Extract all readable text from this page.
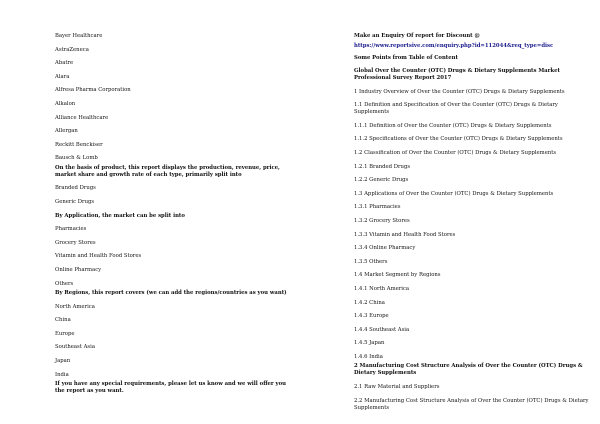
Bayer Healthcare
AstraZeneca
Abatre
Alara
Alfresa Pharma Corporation
Alkalon
Alliance Healthcare
Allergan
Reckitt Benckiser
Bausch & Lomb
On the basis of product, this report displays the production, revenue, price, market share and growth rate of each type, primarily split into
Branded Drugs
Generic Drugs
By Application, the market can be split into
Pharmacies
Grocery Stores
Vitamin and Health Food Stores
Online Pharmacy
Others
By Regions, this report covers (we can add the regions/countries as you want)
North America
China
Europe
Southeast Asia
Japan
India
If you have any special requirements, please let us know and we will offer you the report as you want.
Make an Enquiry Of report for Discount @
https://www.reportsive.com/enquiry.php?id=112044&req_type=disc
Some Points from Table of Content
Global Over the Counter (OTC) Drugs & Dietary Supplements Market Professional Survey Report 2017
1 Industry Overview of Over the Counter (OTC) Drugs & Dietary Supplements
1.1 Definition and Specification of Over the Counter (OTC) Drugs & Dietary Supplements
1.1.1 Definition of Over the Counter (OTC) Drugs & Dietary Supplements
1.1.2 Specifications of Over the Counter (OTC) Drugs & Dietary Supplements
1.2 Classification of Over the Counter (OTC) Drugs & Dietary Supplements
1.2.1 Branded Drugs
1.2.2 Generic Drugs
1.3 Applications of Over the Counter (OTC) Drugs & Dietary Supplements
1.3.1 Pharmacies
1.3.2 Grocery Stores
1.3.3 Vitamin and Health Food Stores
1.3.4 Online Pharmacy
1.3.5 Others
1.4 Market Segment by Regions
1.4.1 North America
1.4.2 China
1.4.3 Europe
1.4.4 Southeast Asia
1.4.5 Japan
1.4.6 India
2 Manufacturing Cost Structure Analysis of Over the Counter (OTC) Drugs & Dietary Supplements
2.1 Raw Material and Suppliers
2.2 Manufacturing Cost Structure Analysis of Over the Counter (OTC) Drugs & Dietary Supplements
